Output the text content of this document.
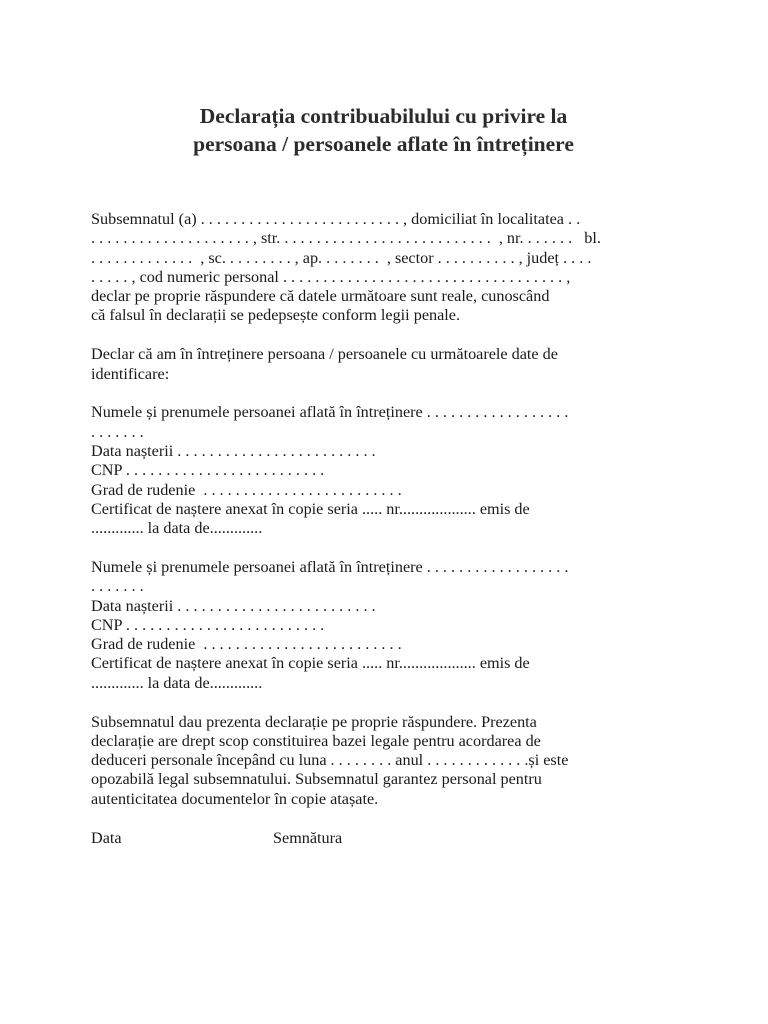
Declarația contribuabilului cu privire la
persoana / persoanele aflate în întreținere
Subsemnatul (a) . . . . . . . . . . . . . . . . . . . . . . . . . , domiciliat în localitatea . .
. . . . . . . . . . . . . . . . . . . . , str. . . . . . . . . . . . . . . . . . . . . . . . . . .  , nr. . . . . . .   bl.
. . . . . . . . . . . . .  , sc. . . . . . . . . , ap. . . . . . . .  , sector . . . . . . . . . . , județ . . . .
. . . . . , cod numeric personal . . . . . . . . . . . . . . . . . . . . . . . . . . . . . . . . . . . ,
declar pe proprie răspundere că datele următoare sunt reale, cunoscând
că falsul în declarații se pedepsește conform legii penale.
Declar că am în întreținere persoana / persoanele cu următoarele date de
identificare:
Numele și prenumele persoanei aflată în întreținere . . . . . . . . . . . . . . . . . .
. . . . . . .
Data nașterii . . . . . . . . . . . . . . . . . . . . . . . . .
CNP . . . . . . . . . . . . . . . . . . . . . . . . .
Grad de rudenie  . . . . . . . . . . . . . . . . . . . . . . . . .
Certificat de naștere anexat în copie seria ..... nr................... emis de
............. la data de.............
Numele și prenumele persoanei aflată în întreținere . . . . . . . . . . . . . . . . . .
. . . . . . .
Data nașterii . . . . . . . . . . . . . . . . . . . . . . . . .
CNP . . . . . . . . . . . . . . . . . . . . . . . . .
Grad de rudenie  . . . . . . . . . . . . . . . . . . . . . . . . .
Certificat de naștere anexat în copie seria ..... nr................... emis de
............. la data de.............
Subsemnatul dau prezenta declarație pe proprie răspundere. Prezenta
declarație are drept scop constituirea bazei legale pentru acordarea de
deduceri personale începând cu luna . . . . . . . . anul . . . . . . . . . . . . .și este
opozabilă legal subsemnatului. Subsemnatul garantez personal pentru
autenticitatea documentelor în copie atașate.
Data	Semnătura
